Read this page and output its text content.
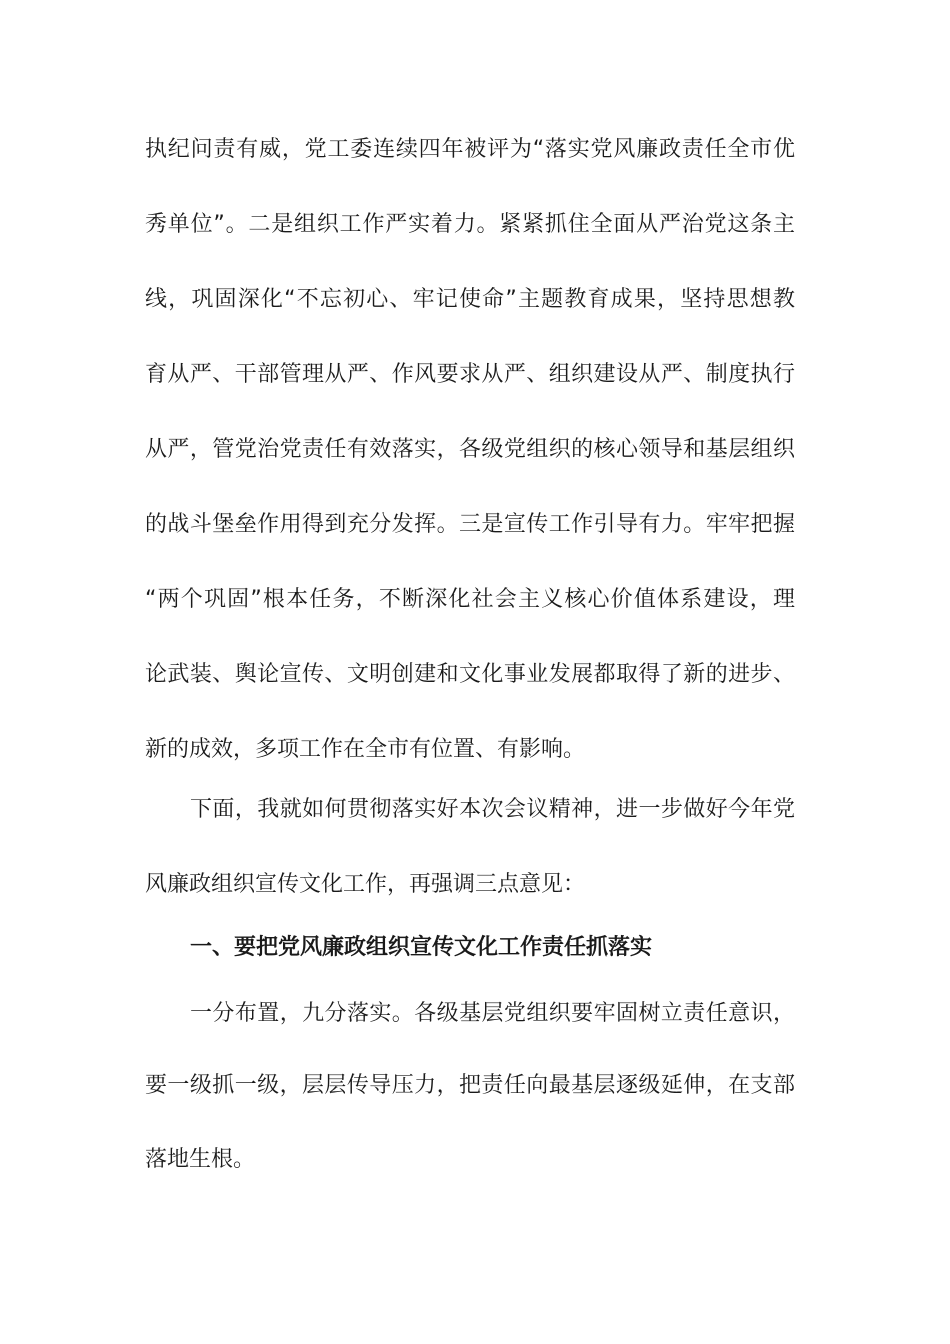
执纪问责有威，党工委连续四年被评为“落实党风廉政责任全市优
秀单位”。二是组织工作严实着力。紧紧抓住全面从严治党这条主
线，巩固深化“不忘初心、牢记使命”主题教育成果，坚持思想教
育从严、干部管理从严、作风要求从严、组织建设从严、制度执行
从严，管党治党责任有效落实，各级党组织的核心领导和基层组织
的战斗堡垒作用得到充分发挥。三是宣传工作引导有力。牢牢把握
“两个巩固”根本任务，不断深化社会主义核心价值体系建设，理
论武装、舆论宣传、文明创建和文化事业发展都取得了新的进步、
新的成效，多项工作在全市有位置、有影响。
下面，我就如何贯彻落实好本次会议精神，进一步做好今年党
风廉政组织宣传文化工作，再强调三点意见：
一、要把党风廉政组织宣传文化工作责任抓落实
一分布置，九分落实。各级基层党组织要牢固树立责任意识，
要一级抓一级，层层传导压力，把责任向最基层逐级延伸，在支部
落地生根。
